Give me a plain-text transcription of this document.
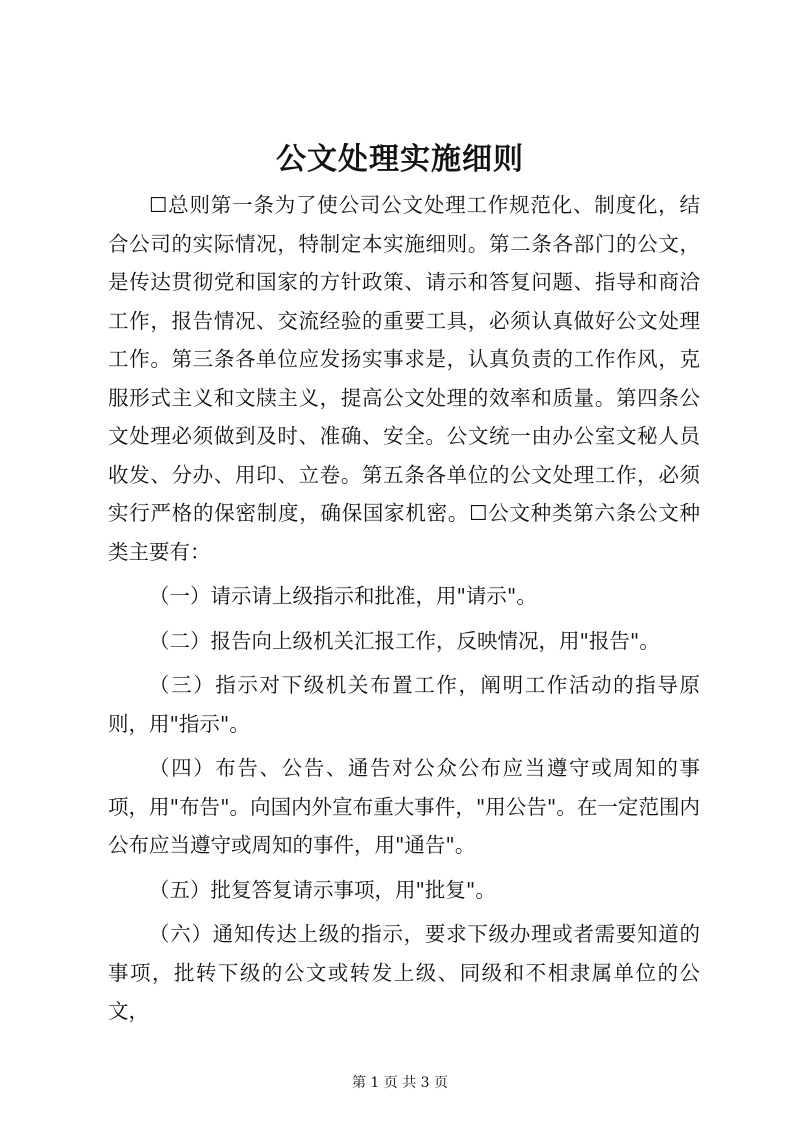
公文处理实施细则

☐总则第一条为了使公司公文处理工作规范化、制度化，结合公司的实际情况，特制定本实施细则。第二条各部门的公文，是传达贯彻党和国家的方针政策、请示和答复问题、指导和商洽工作，报告情况、交流经验的重要工具，必须认真做好公文处理工作。第三条各单位应发扬实事求是，认真负责的工作作风，克服形式主义和文牍主义，提高公文处理的效率和质量。第四条公文处理必须做到及时、准确、安全。公文统一由办公室文秘人员收发、分办、用印、立卷。第五条各单位的公文处理工作，必须实行严格的保密制度，确保国家机密。☐公文种类第六条公文种类主要有：

（一）请示请上级指示和批准，用"请示"。

（二）报告向上级机关汇报工作，反映情况，用"报告"。

（三）指示对下级机关布置工作，阐明工作活动的指导原则，用"指示"。

（四）布告、公告、通告对公众公布应当遵守或周知的事项，用"布告"。向国内外宣布重大事件，"用公告"。在一定范围内公布应当遵守或周知的事件，用"通告"。

（五）批复答复请示事项，用"批复"。

（六）通知传达上级的指示，要求下级办理或者需要知道的事项，批转下级的公文或转发上级、同级和不相隶属单位的公文，

第 1 页 共 3 页
